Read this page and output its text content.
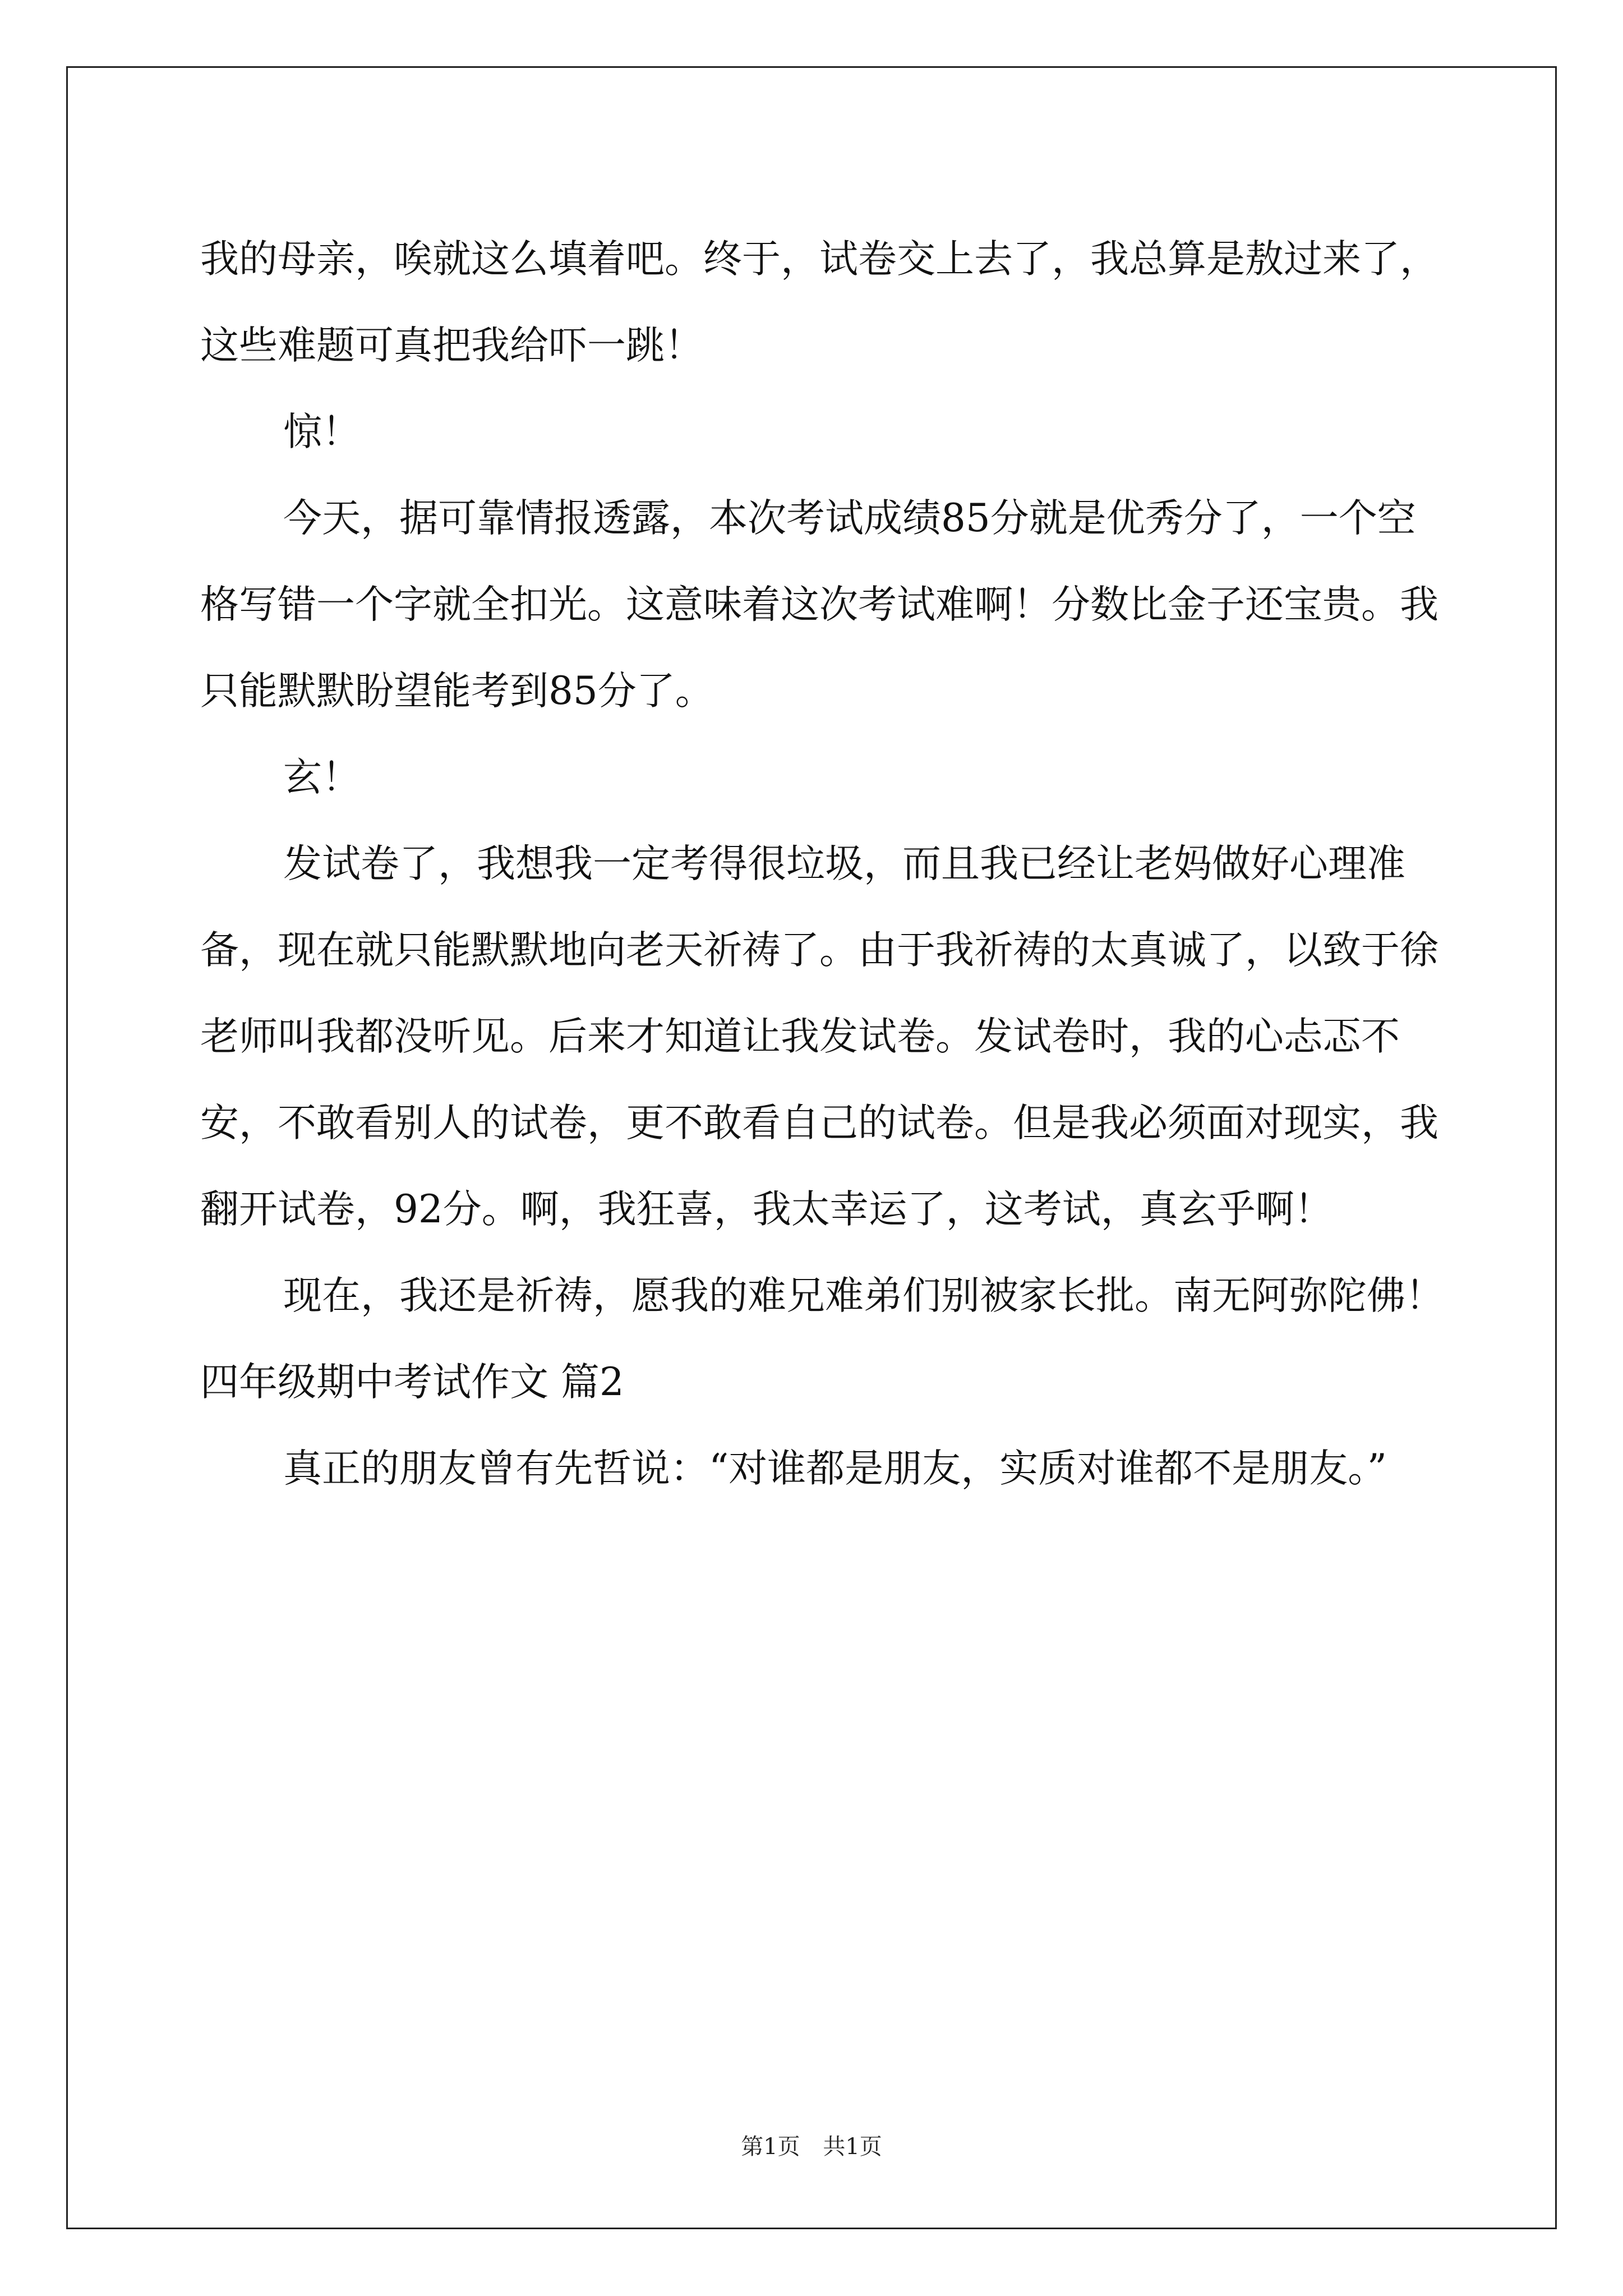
我的母亲，唉就这么填着吧。终于，试卷交上去了，我总算是敖过来了，这些难题可真把我给吓一跳！

惊！

今天，据可靠情报透露，本次考试成绩85分就是优秀分了，一个空格写错一个字就全扣光。这意味着这次考试难啊！分数比金子还宝贵。我只能默默盼望能考到85分了。

玄！

发试卷了，我想我一定考得很垃圾，而且我已经让老妈做好心理准备，现在就只能默默地向老天祈祷了。由于我祈祷的太真诚了，以致于徐老师叫我都没听见。后来才知道让我发试卷。发试卷时，我的心忐忑不安，不敢看别人的试卷，更不敢看自己的试卷。但是我必须面对现实，我翻开试卷，92分。啊，我狂喜，我太幸运了，这考试，真玄乎啊！

现在，我还是祈祷，愿我的难兄难弟们别被家长批。南无阿弥陀佛！

四年级期中考试作文 篇2

真正的朋友曾有先哲说：“对谁都是朋友，实质对谁都不是朋友。”

第1页 共1页
